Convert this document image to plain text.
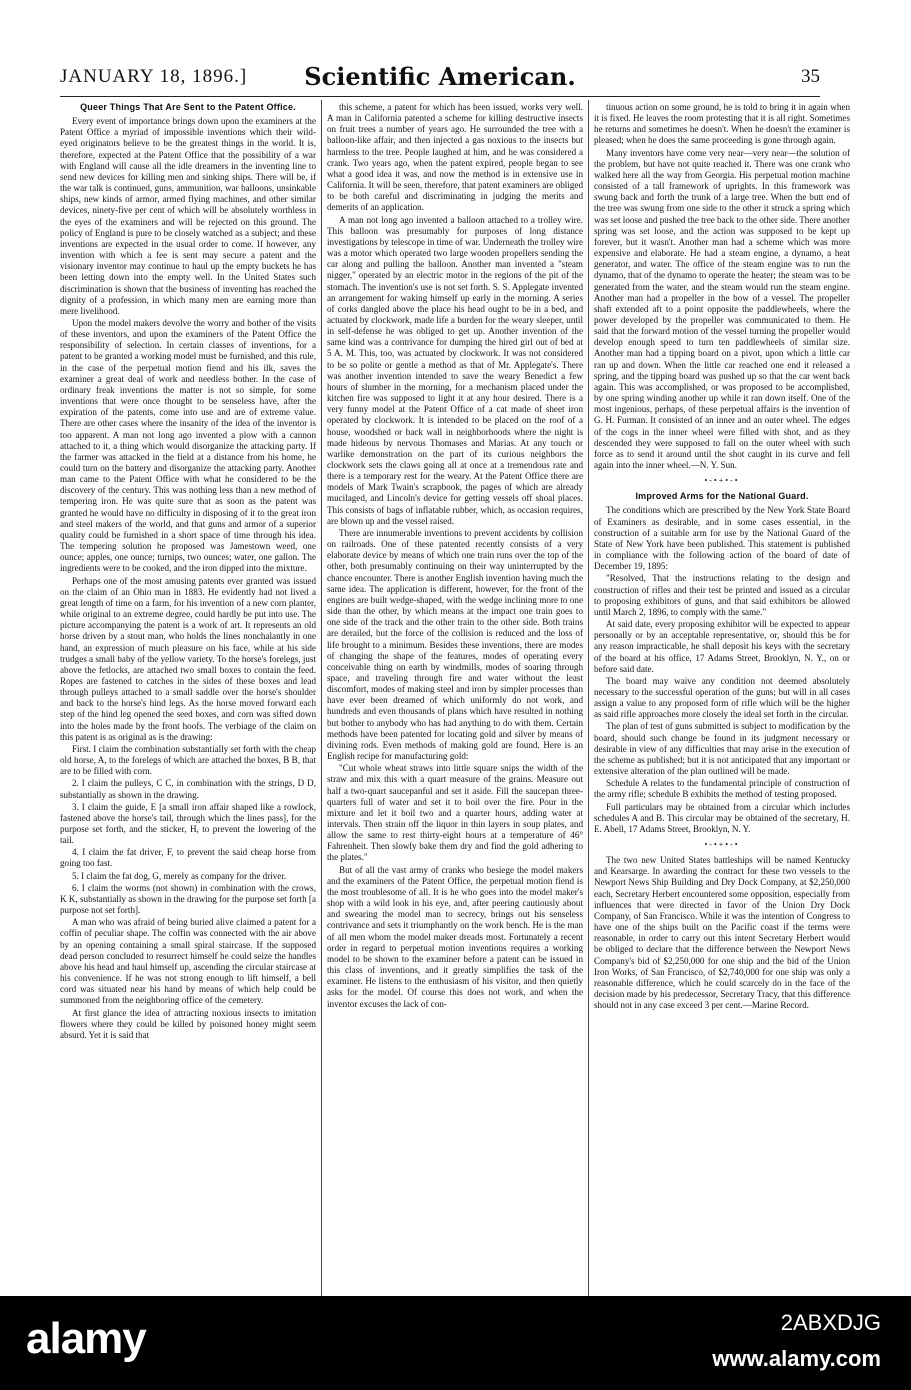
JANUARY 18, 1896.]	Scientific American.	35
Queer Things That Are Sent to the Patent Office.

Every event of importance brings down upon the examiners at the Patent Office a myriad of impossible inventions which their wild-eyed originators believe to be the greatest things in the world. It is, therefore, expected at the Patent Office that the possibility of a war with England will cause all the idle dreamers in the inventing line to send new devices for killing men and sinking ships. There will be, if the war talk is continued, guns, ammunition, war balloons, unsinkable ships, new kinds of armor, armed flying machines, and other similar devices, ninety-five per cent of which will be absolutely worthless in the eyes of the examiners and will be rejected on this ground. The policy of England is pure to be closely watched as a subject; and these inventions are expected in the usual order to come. If however, any invention with which a fee is sent may secure a patent and the visionary inventor may continue to haul up the empty buckets he has been letting down into the empty well. In the United States such discrimination is shown that the business of inventing has reached the dignity of a profession, in which many men are earning more than mere livelihood.

Upon the model makers devolve the worry and bother of the visits of these inventors, and upon the examiners of the Patent Office the responsibility of selection. In certain classes of inventions, for a patent to be granted a working model must be furnished, and this rule, in the case of the perpetual motion fiend and his ilk, saves the examiner a great deal of work and needless bother. In the case of ordinary freak inventions the matter is not so simple, for some inventions that were once thought to be senseless have, after the expiration of the patents, come into use and are of extreme value. There are other cases where the insanity of the idea of the inventor is too apparent. A man not long ago invented a plow with a cannon attached to it, a thing which would disorganize the attacking party. If the farmer was attacked in the field at a distance from his home, he could turn on the battery and disorganize the attacking party. Another man came to the Patent Office with what he considered to be the discovery of the century. This was nothing less than a new method of tempering iron. He was quite sure that as soon as the patent was granted he would have no difficulty in disposing of it to the great iron and steel makers of the world, and that guns and armor of a superior quality could be furnished in a short space of time through his idea. The tempering solution he proposed was Jamestown weed, one ounce; apples, one ounce; turnips, two ounces; water, one gallon. The ingredients were to be cooked, and the iron dipped into the mixture.

Perhaps one of the most amusing patents ever granted was issued on the claim of an Ohio man in 1883. He evidently had not lived a great length of time on a farm, for his invention of a new corn planter, while original to an extreme degree, could hardly be put into use. The picture accompanying the patent is a work of art. It represents an old horse driven by a stout man, who holds the lines nonchalantly in one hand, an expression of much pleasure on his face, while at his side trudges a small baby of the yellow variety. To the horse's forelegs, just above the fetlocks, are attached two small boxes to contain the feed. Ropes are fastened to catches in the sides of these boxes and lead through pulleys attached to a small saddle over the horse's shoulder and back to the horse's hind legs. As the horse moved forward each step of the hind leg opened the seed boxes, and corn was sifted down into the holes made by the front hoofs. The verbiage of the claim on this patent is as original as is the drawing:

First. I claim the combination substantially set forth with the cheap old horse, A, to the forelegs of which are attached the boxes, B B, that are to be filled with corn.

2. I claim the pulleys, C C, in combination with the strings, D D, substantially as shown in the drawing.

3. I claim the guide, E [a small iron affair shaped like a rowlock, fastened above the horse's tail, through which the lines pass], for the purpose set forth, and the sticker, H, to prevent the lowering of the tail.

4. I claim the fat driver, F, to prevent the said cheap horse from going too fast.

5. I claim the fat dog, G, merely as company for the driver.

6. I claim the worms (not shown) in combination with the crows, K K, substantially as shown in the drawing for the purpose set forth [a purpose not set forth].

A man who was afraid of being buried alive claimed a patent for a coffin of peculiar shape. The coffin was connected with the air above by an opening containing a small spiral staircase. If the supposed dead person concluded to resurrect himself he could seize the handles above his head and haul himself up, ascending the circular staircase at his convenience. If he was not strong enough to lift himself, a bell cord was situated near his hand by means of which help could be summoned from the neighboring office of the cemetery.

At first glance the idea of attracting noxious insects to imitation flowers where they could be killed by poisoned honey might seem absurd. Yet it is said that

this scheme, a patent for which has been issued, works very well. A man in California patented a scheme for killing destructive insects on fruit trees a number of years ago. He surrounded the tree with a balloon-like affair, and then injected a gas noxious to the insects but harmless to the tree. People laughed at him, and he was considered a crank. Two years ago, when the patent expired, people began to see what a good idea it was, and now the method is in extensive use in California. It will be seen, therefore, that patent examiners are obliged to be both careful and discriminating in judging the merits and demerits of an application.

A man not long ago invented a balloon attached to a trolley wire. This balloon was presumably for purposes of long distance investigations by telescope in time of war. Underneath the trolley wire was a motor which operated two large wooden propellers sending the car along and pulling the balloon. Another man invented a "steam nigger," operated by an electric motor in the regions of the pit of the stomach. The invention's use is not set forth. S. S. Applegate invented an arrangement for waking himself up early in the morning. A series of corks dangled above the place his head ought to be in a bed, and actuated by clockwork, made life a burden for the weary sleeper, until in self-defense he was obliged to get up. Another invention of the same kind was a contrivance for dumping the hired girl out of bed at 5 A. M. This, too, was actuated by clockwork. It was not considered to be so polite or gentle a method as that of Mr. Applegate's. There was another invention intended to save the weary Benedict a few hours of slumber in the morning, for a mechanism placed under the kitchen fire was supposed to light it at any hour desired. There is a very funny model at the Patent Office of a cat made of sheet iron operated by clockwork. It is intended to be placed on the roof of a house, woodshed or back wall in neighborhoods where the night is made hideous by nervous Thomases and Marias. At any touch or warlike demonstration on the part of its curious neighbors the clockwork sets the claws going all at once at a tremendous rate and there is a temporary rest for the weary. At the Patent Office there are models of Mark Twain's scrapbook, the pages of which are already mucilaged, and Lincoln's device for getting vessels off shoal places. This consists of bags of inflatable rubber, which, as occasion requires, are blown up and the vessel raised.

There are innumerable inventions to prevent accidents by collision on railroads. One of these patented recently consists of a very elaborate device by means of which one train runs over the top of the other, both presumably continuing on their way uninterrupted by the chance encounter. There is another English invention having much the same idea. The application is different, however, for the front of the engines are built wedge-shaped, with the wedge inclining more to one side than the other, by which means at the impact one train goes to one side of the track and the other train to the other side. Both trains are derailed, but the force of the collision is reduced and the loss of life brought to a minimum. Besides these inventions, there are modes of changing the shape of the features, modes of operating every conceivable thing on earth by windmills, modes of soaring through space, and traveling through fire and water without the least discomfort, modes of making steel and iron by simpler processes than have ever been dreamed of which uniformly do not work, and hundreds and even thousands of plans which have resulted in nothing but bother to anybody who has had anything to do with them. Certain methods have been patented for locating gold and silver by means of divining rods. Even methods of making gold are found. Here is an English recipe for manufacturing gold:

"Cut whole wheat straws into little square snips the width of the straw and mix this with a quart measure of the grains. Measure out half a two-quart saucepanful and set it aside. Fill the saucepan three-quarters full of water and set it to boil over the fire. Pour in the mixture and let it boil two and a quarter hours, adding water at intervals. Then strain off the liquor in thin layers in soup plates, and allow the same to rest thirty-eight hours at a temperature of 46° Fahrenheit. Then slowly bake them dry and find the gold adhering to the plates."

But of all the vast army of cranks who besiege the model makers and the examiners of the Patent Office, the perpetual motion fiend is the most troublesome of all. It is he who goes into the model maker's shop with a wild look in his eye, and, after peering cautiously about and swearing the model man to secrecy, brings out his senseless contrivance and sets it triumphantly on the work bench. He is the man of all men whom the model maker dreads most. Fortunately a recent order in regard to perpetual motion inventions requires a working model to be shown to the examiner before a patent can be issued in this class of inventions, and it greatly simplifies the task of the examiner. He listens to the enthusiasm of his visitor, and then quietly asks for the model. Of course this does not work, and when the inventor excuses the lack of con-

tinuous action on some ground, he is told to bring it in again when it is fixed. He leaves the room protesting that it is all right. Sometimes he returns and sometimes he doesn't. When he doesn't the examiner is pleased; when he does the same proceeding is gone through again.

Many inventors have come very near—very near—the solution of the problem, but have not quite reached it. There was one crank who walked here all the way from Georgia. His perpetual motion machine consisted of a tall framework of uprights. In this framework was swung back and forth the trunk of a large tree. When the butt end of the tree was swung from one side to the other it struck a spring which was set loose and pushed the tree back to the other side. There another spring was set loose, and the action was supposed to be kept up forever, but it wasn't. Another man had a scheme which was more expensive and elaborate. He had a steam engine, a dynamo, a heat generator, and water. The office of the steam engine was to run the dynamo, that of the dynamo to operate the heater; the steam was to be generated from the water, and the steam would run the steam engine. Another man had a propeller in the bow of a vessel. The propeller shaft extended aft to a point opposite the paddlewheels, where the power developed by the propeller was communicated to them. He said that the forward motion of the vessel turning the propeller would develop enough speed to turn ten paddlewheels of similar size. Another man had a tipping board on a pivot, upon which a little car ran up and down. When the little car reached one end it released a spring, and the tipping board was pushed up so that the car went back again. This was accomplished, or was proposed to be accomplished, by one spring winding another up while it ran down itself. One of the most ingenious, perhaps, of these perpetual affairs is the invention of G. H. Furman. It consisted of an inner and an outer wheel. The edges of the cogs in the inner wheel were filled with shot, and as they descended they were supposed to fall on the outer wheel with such force as to send it around until the shot caught in its curve and fell again into the inner wheel.—N. Y. Sun.

•-•+•-•
Improved Arms for the National Guard.

The conditions which are prescribed by the New York State Board of Examiners as desirable, and in some cases essential, in the construction of a suitable arm for use by the National Guard of the State of New York have been published. This statement is published in compliance with the following action of the board of date of December 19, 1895:

"Resolved, That the instructions relating to the design and construction of rifles and their test be printed and issued as a circular to proposing exhibitors of guns, and that said exhibitors be allowed until March 2, 1896, to comply with the same."

At said date, every proposing exhibitor will be expected to appear personally or by an acceptable representative, or, should this be for any reason impracticable, he shall deposit his keys with the secretary of the board at his office, 17 Adams Street, Brooklyn, N. Y., on or before said date.

The board may waive any condition not deemed absolutely necessary to the successful operation of the guns; but will in all cases assign a value to any proposed form of rifle which will be the higher as said rifle approaches more closely the ideal set forth in the circular.

The plan of test of guns submitted is subject to modification by the board, should such change be found in its judgment necessary or desirable in view of any difficulties that may arise in the execution of the scheme as published; but it is not anticipated that any important or extensive alteration of the plan outlined will be made.

Schedule A relates to the fundamental principle of construction of the army rifle; schedule B exhibits the method of testing proposed.

Full particulars may be obtained from a circular which includes schedules A and B. This circular may be obtained of the secretary, H. E. Abell, 17 Adams Street, Brooklyn, N. Y.

•-•+•-•

The two new United States battleships will be named Kentucky and Kearsarge. In awarding the contract for these two vessels to the Newport News Ship Building and Dry Dock Company, at $2,250,000 each, Secretary Herbert encountered some opposition, especially from influences that were directed in favor of the Union Dry Dock Company, of San Francisco. While it was the intention of Congress to have one of the ships built on the Pacific coast if the terms were reasonable, in order to carry out this intent Secretary Herbert would be obliged to declare that the difference between the Newport News Company's bid of $2,250,000 for one ship and the bid of the Union Iron Works, of San Francisco, of $2,740,000 for one ship was only a reasonable difference, which he could scarcely do in the face of the decision made by his predecessor, Secretary Tracy, that this difference should not in any case exceed 3 per cent.—Marine Record.

alamy	2ABXDJG
www.alamy.com
